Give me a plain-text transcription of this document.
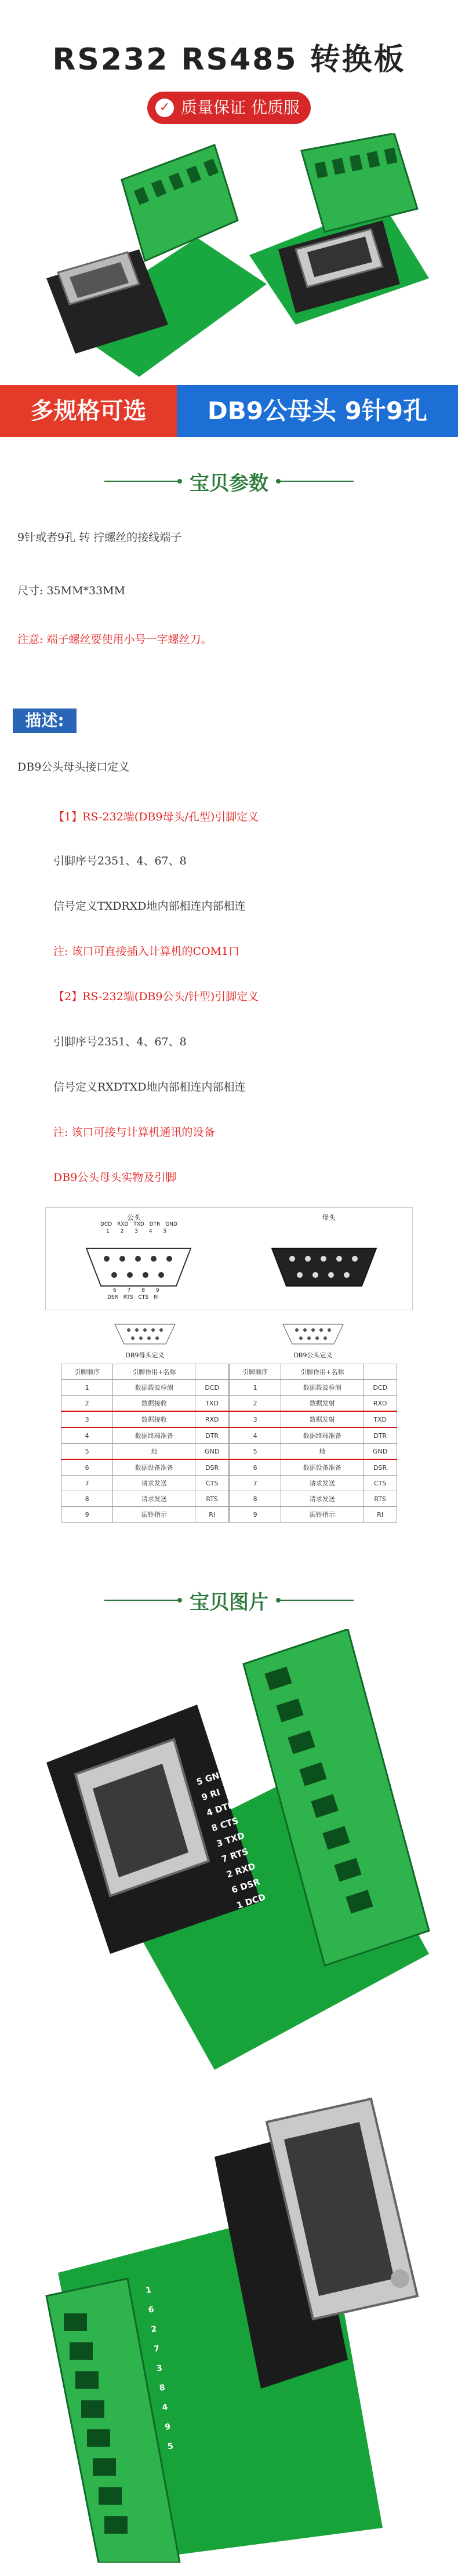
RS232 RS485 转换板
✓ 质量保证 优质服务
多规格可选	DB9公母头 9针9孔
宝贝参数
9针或者9孔 转 拧螺丝的接线端子
尺寸: 35MM*33MM
注意: 端子螺丝要使用小号一字螺丝刀。
描述:
DB9公头母头接口定义
【1】RS-232端(DB9母头/孔型)引脚定义
引脚序号2351、4、67、8
信号定义TXDRXD地内部相连内部相连
注: 该口可直接插入计算机的COM1口
【2】RS-232端(DB9公头/针型)引脚定义
引脚序号2351、4、67、8
信号定义RXDTXD地内部相连内部相连
注: 该口可接与计算机通讯的设备
DB9公头母头实物及引脚
公头	母头
DCD RXD TXD DTR GND
1 2 3 4 5
6 7 8 9
DSR RTS CTS RI
DB9母头定义
引脚顺序	引脚作用+名称	
1	数据载波检测	DCD
2	数据接收	TXD
3	数据接收	RXD
4	数据终端准备	DTR
5	地	GND
6	数据设备准备	DSR
7	请求发送	CTS
8	请求发送	RTS
9	振铃指示	RI
DB9公头定义
引脚顺序	引脚作用+名称	
1	数据载波检测	DCD
2	数据发射	RXD
3	数据发射	TXD
4	数据终端准备	DTR
5	地	GND
6	数据设备准备	DSR
7	请求发送	CTS
8	请求发送	RTS
9	振铃指示	RI
宝贝图片
5 GND
9 RI
4 DTR
8 CTS
3 TXD
7 RTS
2 RXD
6 DSR
1 DCD
1
6
2
7
3
8
4
9
5
